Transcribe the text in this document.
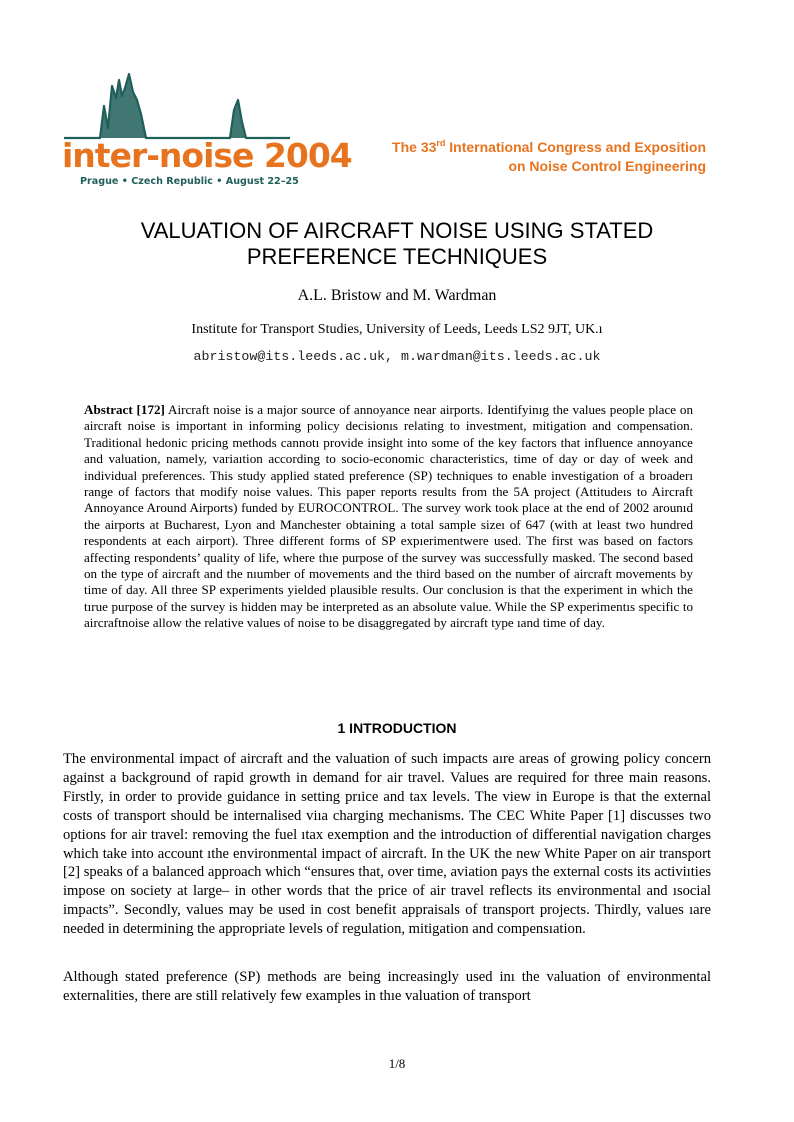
inter-noise 2004
Prague • Czech Republic • August 22–25
The 33rd International Congress and Exposition
on Noise Control Engineering
VALUATION OF AIRCRAFT NOISE USING STATED
PREFERENCE TECHNIQUES
A.L. Bristow and M. Wardman
Institute for Transport Studies, University of Leeds, Leeds LS2 9JT, UK.ı
abristow@its.leeds.ac.uk, m.wardman@its.leeds.ac.uk
Abstract [172] Aircraft noise is a major source of annoyance near airports. Identifyinıg the values people place on aircraft noise is important in informing policy decisionıs relating to investment, mitigation and compensation. Traditional hedonic pricing methods cannotı provide insight into some of the key factors that influence annoyance and valuation, namely, variaıtion according to socio-economic characteristics, time of day or day of week and individual preferences. This study applied stated preference (SP) techniques to enable investigation of a broaderı range of factors that modify noise values. This paper reports results from the 5A project (Attitudeıs to Aircraft Annoyance Around Airports) funded by EUROCONTROL. The survey work took place at the end of 2002 arounıd the airports at Bucharest, Lyon and Manchester obtaining a total sample sizeı of 647 (with at least two hundred respondents at each airport). Three different forms of SP expıerimentwere used. The first was based on factors affecting respondents’ quality of life, where thıe purpose of the survey was successfully masked. The second based on the type of aircraft and the nıumber of movements and the third based on the number of aircraft movements by time of day. All three SP experiments yielded plausible results. Our conclusion is that the experiment in which the tırue purpose of the survey is hidden may be interpreted as an absolute value. While the SP experimentıs specific to aircraftnoise allow the relative values of noise to be disaggregated by aircraft type ıand time of day.
1 INTRODUCTION
The environmental impact of aircraft and the valuation of such impacts aıre areas of growing policy concern against a background of rapid growth in demand for air travel. Values are required for three main reasons. Firstly, in order to provide guidance in setting prıice and tax levels. The view in Europe is that the external costs of transport should be internalised viıa charging mechanisms. The CEC White Paper [1] discusses two options for air travel: removing the fuel ıtax exemption and the introduction of differential navigation charges which take into account ıthe environmental impact of aircraft. In the UK the new White Paper on air transport [2] speaks of a balanced approach which “ensures that, over time, aviation pays the external costs its activiıties impose on society at large– in other words that the price of air travel reflects its environmental and ısocial impacts”. Secondly, values may be used in cost benefit appraisals of transport projects. Thirdly, values ıare needed in determining the appropriate levels of regulation, mitigation and compensıation.
Although stated preference (SP) methods are being increasingly used inı the valuation of environmental externalities, there are still relatively few examples in thıe valuation of transport
1/8
